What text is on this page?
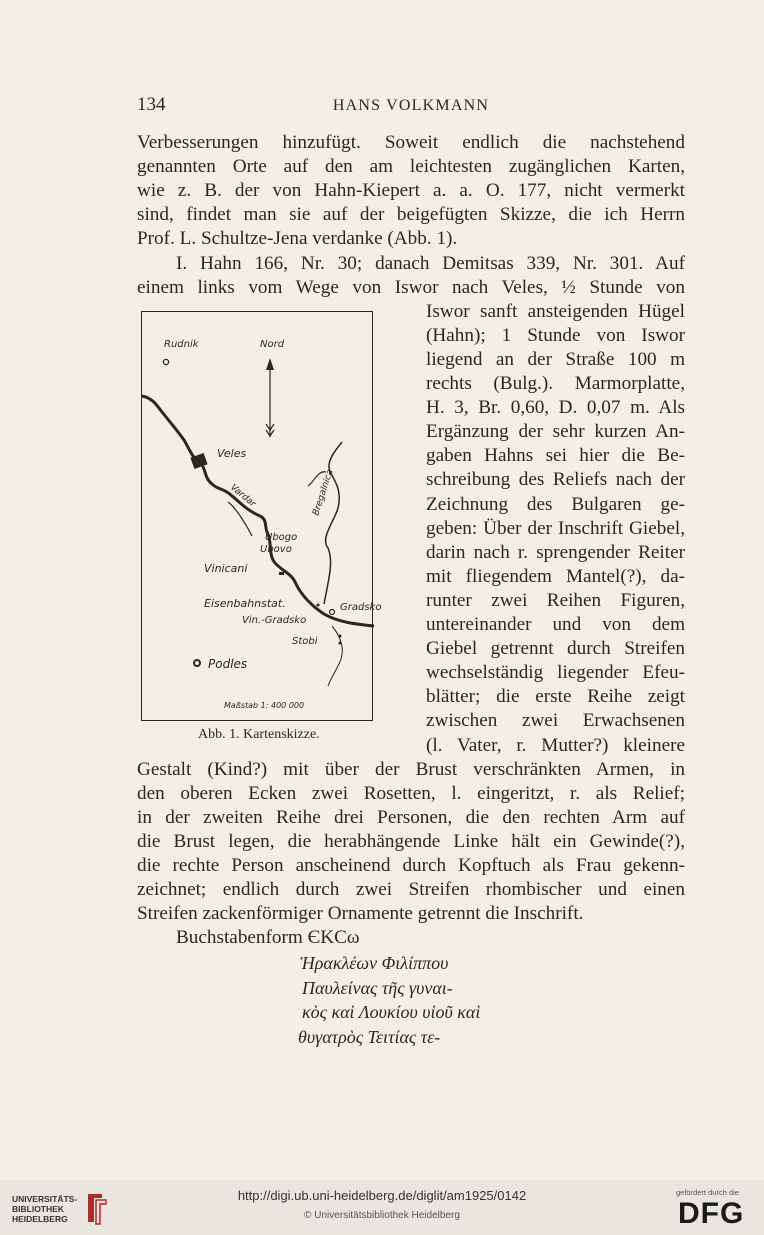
134	HANS VOLKMANN
Verbesserungen hinzufügt. Soweit endlich die nachstehend
genannten Orte auf den am leichtesten zugänglichen Karten,
wie z. B. der von Hahn-Kiepert a. a. O. 177, nicht vermerkt
sind, findet man sie auf der beigefügten Skizze, die ich Herrn
Prof. L. Schultze-Jena verdanke (Abb. 1).
I. Hahn 166, Nr. 30; danach Demitsas 339, Nr. 301. Auf
einem links vom Wege von Iswor nach Veles, ½ Stunde von
Iswor sanft ansteigenden Hügel
(Hahn); 1 Stunde von Iswor
liegend an der Straße 100 m
rechts (Bulg.). Marmorplatte,
H. 3, Br. 0,60, D. 0,07 m. Als
Ergänzung der sehr kurzen An-
gaben Hahns sei hier die Be-
schreibung des Reliefs nach der
Zeichnung des Bulgaren ge-
geben: Über der Inschrift Giebel,
darin nach r. sprengender Reiter
mit fliegendem Mantel(?), da-
runter zwei Reihen Figuren,
untereinander und von dem
Giebel getrennt durch Streifen
wechselständig liegender Efeu-
blätter; die erste Reihe zeigt
zwischen zwei Erwachsenen
(l. Vater, r. Mutter?) kleinere
Gestalt (Kind?) mit über der Brust verschränkten Armen, in
den oberen Ecken zwei Rosetten, l. eingeritzt, r. als Relief;
in der zweiten Reihe drei Personen, die den rechten Arm auf
die Brust legen, die herabhängende Linke hält ein Gewinde(?),
die rechte Person anscheinend durch Kopftuch als Frau gekenn-
zeichnet; endlich durch zwei Streifen rhombischer und einen
Streifen zackenförmiger Ornamente getrennt die Inschrift.
Buchstabenform ЄΚCω
Ἡρακλέων Φιλίππου
Παυλείνας τῆς γυναι-
κὸς καὶ Λουκίου υἱοῦ καὶ
θυγατρὸς Τειτίας τε-
Rudnik	Nord
Veles
Vardar	Bregalnica
Ubogo
Ubovo
Vinicani
Eisenbahnstat.
Vin.-Gradsko
Gradsko
Stobi
Podles
Maßstab 1: 400 000
Abb. 1. Kartenskizze.
UNIVERSITÄTS-
BIBLIOTHEK
HEIDELBERG
http://digi.ub.uni-heidelberg.de/diglit/am1925/0142
© Universitätsbibliothek Heidelberg
gefördert durch die
DFG
